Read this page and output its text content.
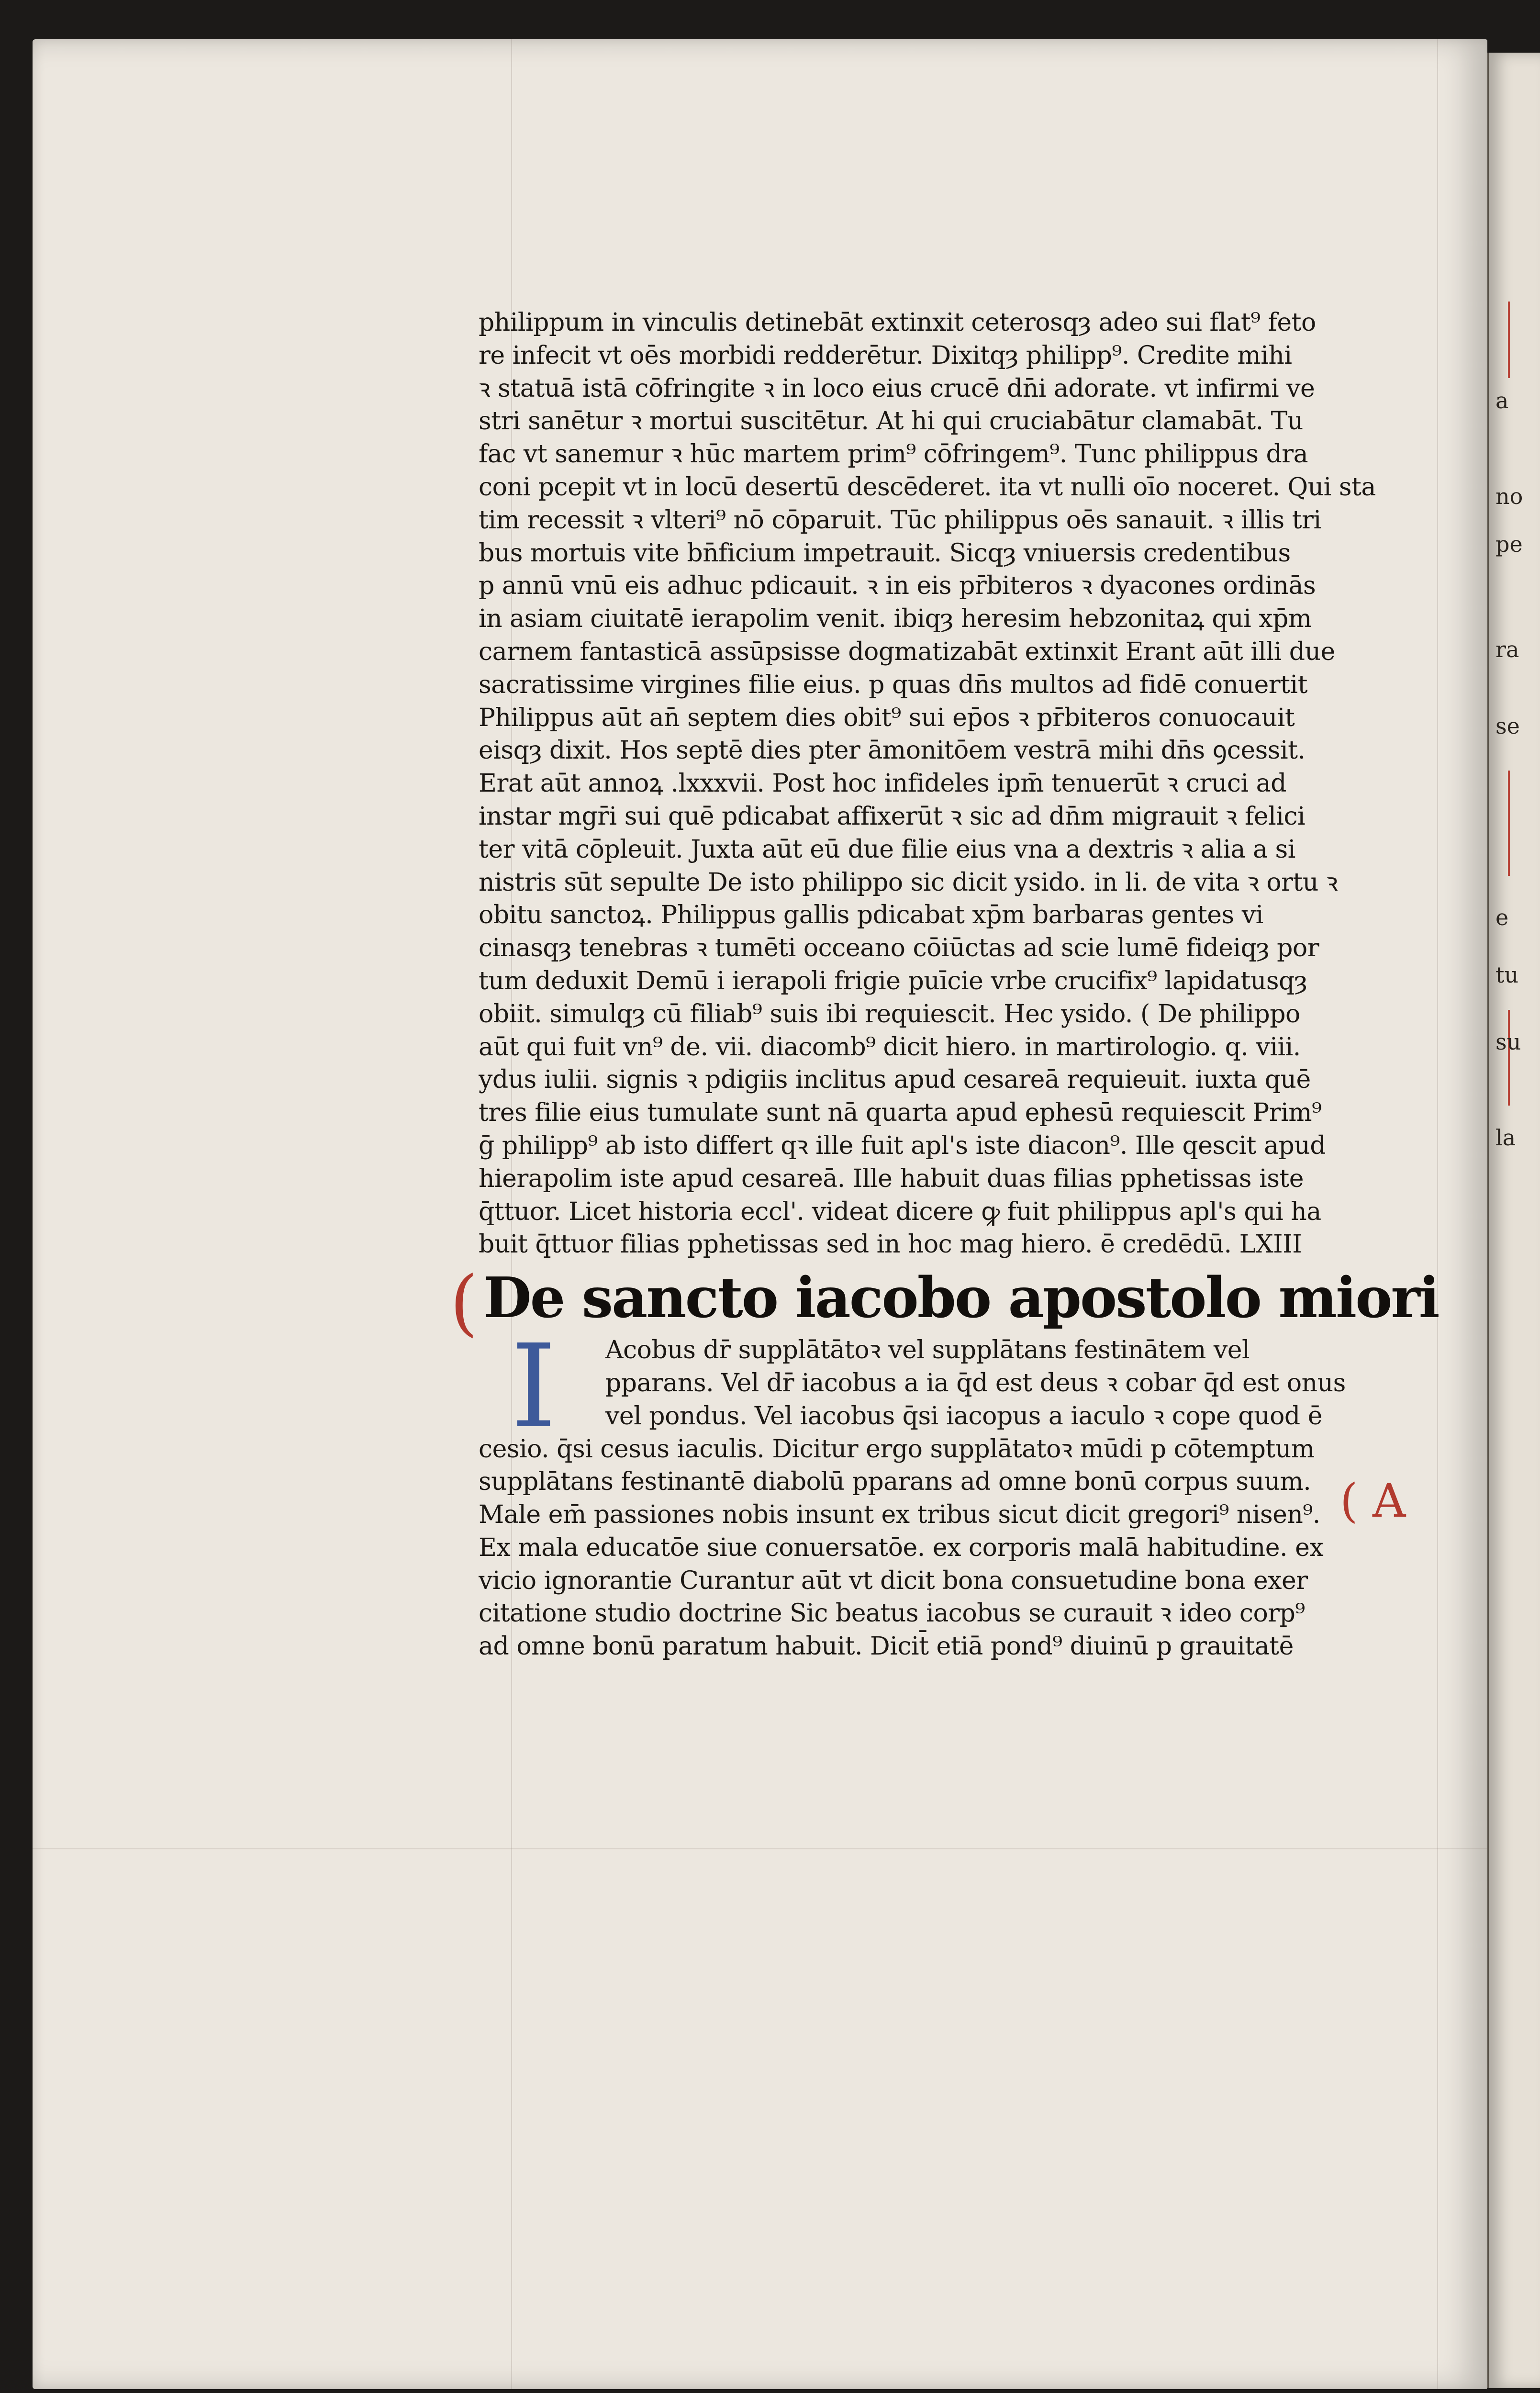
a
no
pe
ra
se
e
tu
su
la
philippum in vinculis detinebāt extinxit ceterosqȝ adeo sui flat⁹ feto
re infecit vt oēs morbidi redderētur. Dixitqȝ philipp⁹. Credite mihi
ꝛ statuā istā cōfringite ꝛ in loco eius crucē dn̄i adorate. vt infirmi ve
stri sanētur ꝛ mortui suscitētur. At hi qui cruciabātur clamabāt. Tu
fac vt sanemur ꝛ hūc martem prim⁹ cōfringem⁹. Tunc philippus dra
coni pcepit vt in locū desertū descēderet. ita vt nulli oīo noceret. Qui sta
tim recessit ꝛ vlteri⁹ nō cōparuit. Tūc philippus oēs sanauit. ꝛ illis tri
bus mortuis vite bn̄ficium impetrauit. Sicqȝ vniuersis credentibus
p annū vnū eis adhuc pdicauit. ꝛ in eis pr̄biteros ꝛ dyacones ordinās
in asiam ciuitatē ierapolim venit. ibiqȝ heresim hebzonitaꝝ qui xp̄m
carnem fantasticā assūpsisse dogmatizabāt extinxit Erant aūt illi due
sacratissime virgines filie eius. p quas dn̄s multos ad fidē conuertit
Philippus aūt an̄ septem dies obit⁹ sui ep̄os ꝛ pr̄biteros conuocauit
eisqȝ dixit. Hos septē dies pter āmonitōem vestrā mihi dn̄s ꝯcessit.
Erat aūt annoꝝ .lxxxvii. Post hoc infideles ipm̄ tenuerūt ꝛ cruci ad
instar mgr̄i sui quē pdicabat affixerūt ꝛ sic ad dn̄m migrauit ꝛ felici
ter vitā cōpleuit. Juxta aūt eū due filie eius vna a dextris ꝛ alia a si
nistris sūt sepulte De isto philippo sic dicit ysido. in li. de vita ꝛ ortu ꝛ
obitu sanctoꝝ. Philippus gallis pdicabat xp̄m barbaras gentes vi
cinasqȝ tenebras ꝛ tumēti occeano cōiūctas ad scie lumē fideiqȝ por
tum deduxit Demū i ierapoli frigie puīcie vrbe crucifix⁹ lapidatusqȝ
obiit. simulqȝ cū filiab⁹ suis ibi requiescit. Hec ysido. ( De philippo
aūt qui fuit vn⁹ de. vii. diacomb⁹ dicit hiero. in martirologio. q. viii.
ydus iulii. signis ꝛ pdigiis inclitus apud cesareā requieuit. iuxta quē
tres filie eius tumulate sunt nā quarta apud ephesū requiescit Prim⁹
ḡ philipp⁹ ab isto differt qꝛ ille fuit apl's iste diacon⁹. Ille qescit apud
hierapolim iste apud cesareā. Ille habuit duas filias pphetissas iste
q̄ttuor. Licet historia eccl'. videat dicere ꝙ fuit philippus apl's qui ha
buit q̄ttuor filias pphetissas sed in hoc mag hiero. ē credēdū. LXIII
( De sancto iacobo apostolo miori
I	Acobus dr̄ supplātātoꝛ vel supplātans festinātem vel
pparans. Vel dr̄ iacobus a ia q̄d est deus ꝛ cobar q̄d est onus
vel pondus. Vel iacobus q̄si iacopus a iaculo ꝛ cope quod ē
cesio. q̄si cesus iaculis. Dicitur ergo supplātatoꝛ mūdi p cōtemptum
supplātans festinantē diabolū pparans ad omne bonū corpus suum.
Male em̄ passiones nobis insunt ex tribus sicut dicit gregori⁹ nisen⁹.
Ex mala educatōe siue conuersatōe. ex corporis malā habitudine. ex
vicio ignorantie Curantur aūt vt dicit bona consuetudine bona exer
citatione studio doctrine Sic beatus iacobus se curauit ꝛ ideo corp⁹
ad omne bonū paratum habuit. Dicit̄ etiā pond⁹ diuinū p grauitatē
( A
